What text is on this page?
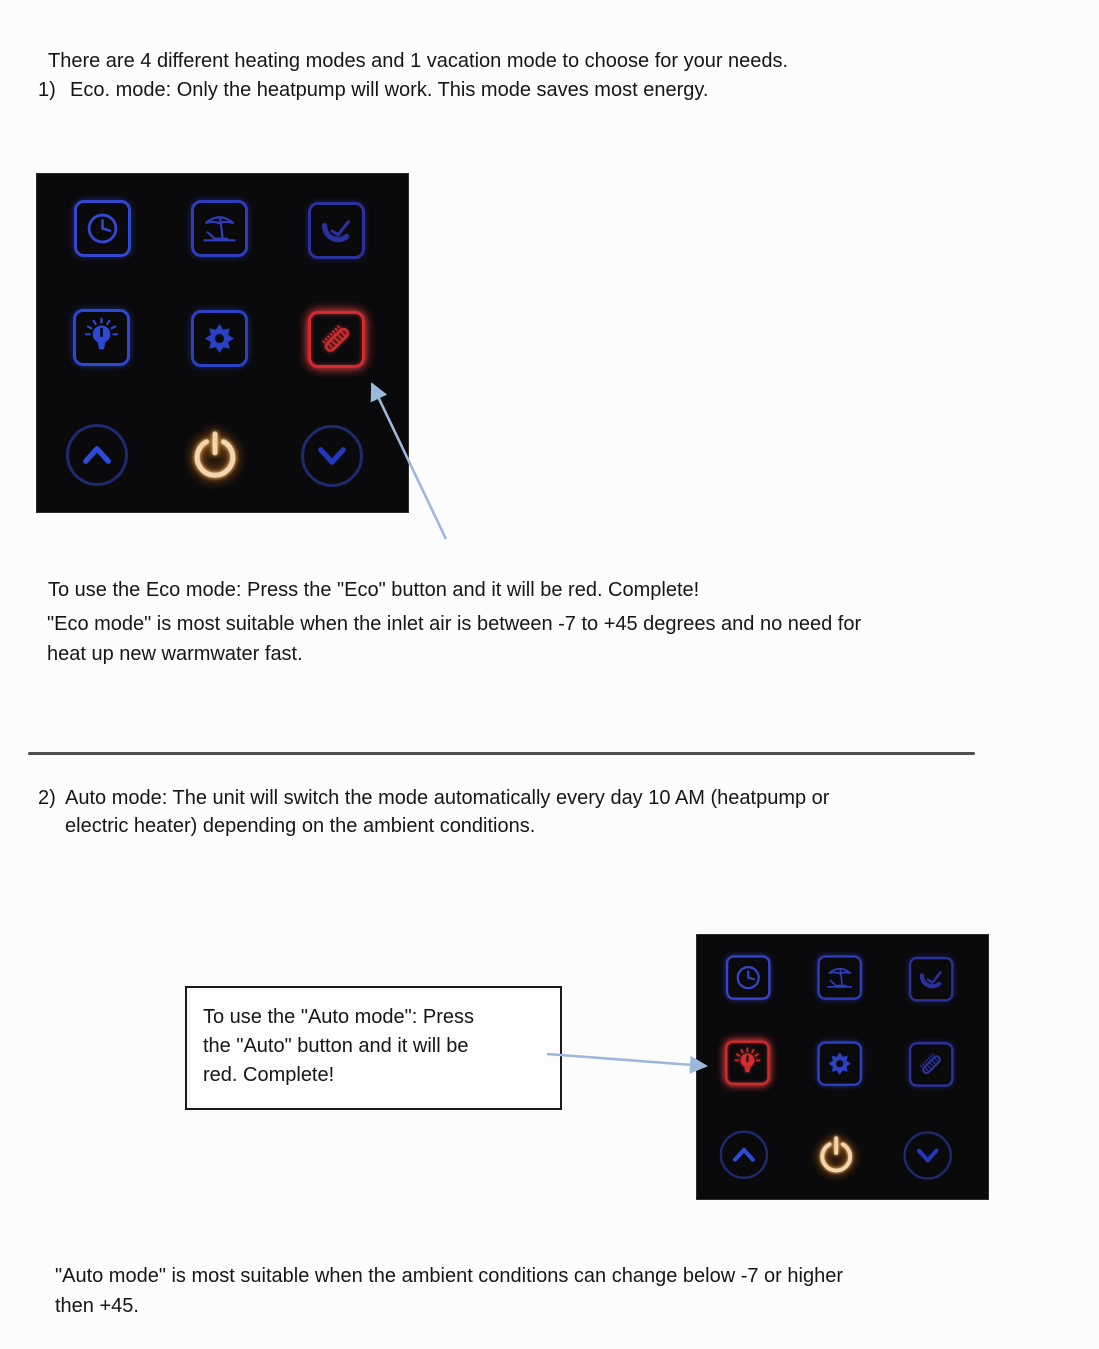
There are 4 different heating modes and 1 vacation mode to choose for your needs.

1) Eco. mode: Only the heatpump will work. This mode saves most energy.

To use the Eco mode: Press the "Eco" button and it will be red. Complete!

"Eco mode" is most suitable when the inlet air is between -7 to +45 degrees and no need for
heat up new warmwater fast.
2) Auto mode: The unit will switch the mode automatically every day 10 AM (heatpump or
electric heater) depending on the ambient conditions.
To use the "Auto mode": Press
the "Auto" button and it will be
red. Complete!
"Auto mode" is most suitable when the ambient conditions can change below -7 or higher
then +45.
